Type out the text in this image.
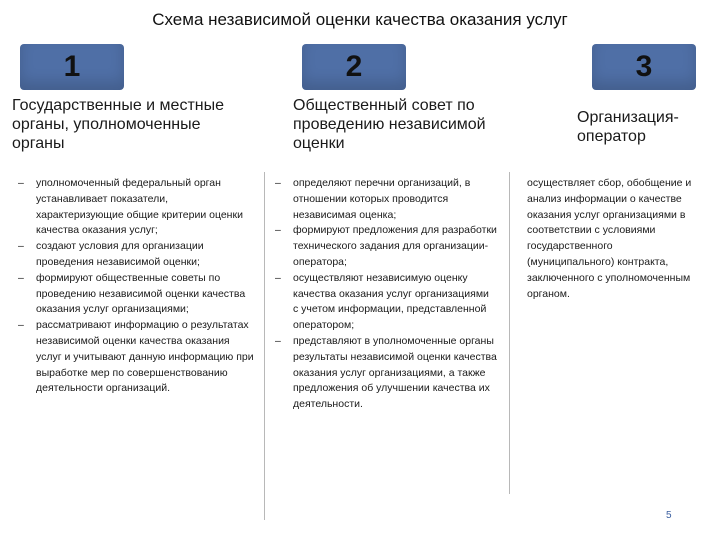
Схема независимой оценки качества оказания услуг
1	2	3
Государственные и местные органы, уполномоченные органы
Общественный совет по проведению независимой оценки
Организация-оператор
– уполномоченный федеральный орган устанавливает показатели, характеризующие общие критерии оценки качества оказания услуг;
– создают условия для организации проведения независимой оценки;
– формируют общественные советы по проведению независимой оценки качества оказания услуг организациями;
– рассматривают информацию о результатах независимой оценки качества оказания услуг и учитывают данную информацию при выработке мер по совершенствованию деятельности организаций.
– определяют перечни организаций, в отношении которых проводится независимая оценка;
– формируют предложения для разработки технического задания для организации-оператора;
– осуществляют независимую оценку качества оказания услуг организациями с учетом информации, представленной оператором;
– представляют в уполномоченные органы результаты независимой оценки качества оказания услуг организациями, а также предложения об улучшении качества их деятельности.
осуществляет сбор, обобщение и анализ информации о качестве оказания услуг организациями в соответствии с условиями государственного (муниципального) контракта, заключенного с уполномоченным органом.
5
